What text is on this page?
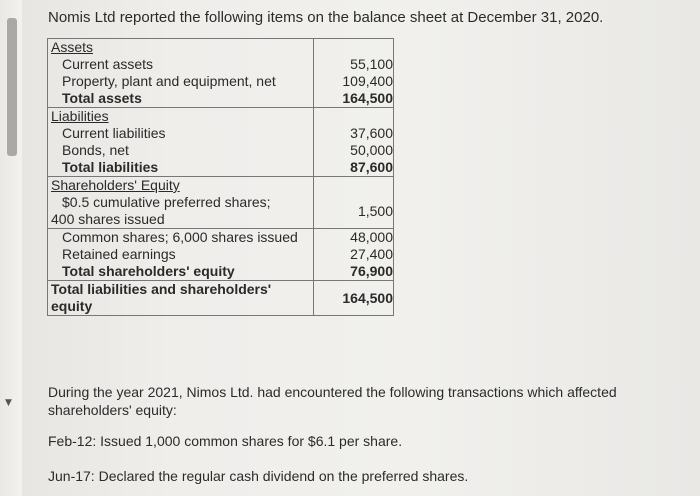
▼
Nomis Ltd reported the following items on the balance sheet at December 31, 2020.
Assets	
Current assets	55,100
Property, plant and equipment, net	109,400
Total assets	164,500
Liabilities	
Current liabilities	37,600
Bonds, net	50,000
Total liabilities	87,600
Shareholders' Equity	
$0.5 cumulative preferred shares;
400 shares issued	1,500
Common shares; 6,000 shares issued	48,000
Retained earnings	27,400
Total shareholders' equity	76,900
Total liabilities and shareholders'
equity	164,500
During the year 2021, Nimos Ltd. had encountered the following transactions which affected shareholders' equity:
Feb-12: Issued 1,000 common shares for $6.1 per share.
Jun-17: Declared the regular cash dividend on the preferred shares.
